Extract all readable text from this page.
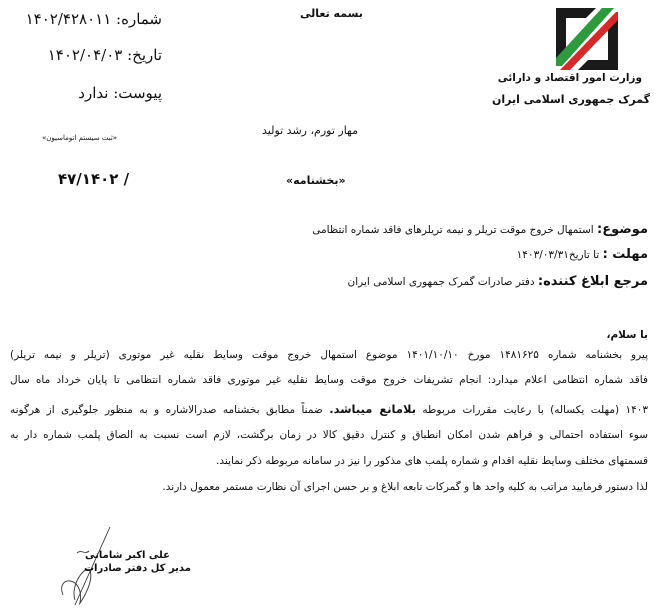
وزارت امور اقتصاد و دارائی
گمرک جمهوری اسلامی ایران
بسمه تعالی
مهار تورم، رشد تولید
«بخشنامه»
شماره: ۱۴۰۲/۴۲۸۰۱۱
تاریخ: ۱۴۰۲/۰۴/۰۳
پیوست: ندارد
«ثبت سیستم اتوماسیون»
۴۷/۱۴۰۲ /
موضوع: استمهال خروج موقت تریلر و نیمه تریلرهای فاقد شماره انتظامی
مهلت : تا تاریخ۱۴۰۳/۰۳/۳۱
مرجع ابلاغ کننده: دفتر صادرات گمرک جمهوری اسلامی ایران
با سلام،
پیرو بخشنامه شماره ۱۴۸۱۶۲۵ مورخ ۱۴۰۱/۱۰/۱۰ موضوع استمهال خروج موقت وسایط نقلیه غیر موتوری (تریلر و نیمه تریلر)
فاقد شماره انتظامی اعلام میدارد: انجام تشریفات خروج موقت وسایط نقلیه غیر موتوری فاقد شماره انتظامی تا پایان خرداد ماه سال
۱۴۰۳ (مهلت یکساله) با رعایت مقررات مربوطه بلامانع میباشد. ضمناً مطابق بخشنامه صدرالاشاره و به منظور جلوگیری از هرگونه
سوء استفاده احتمالی و فراهم شدن امکان انطباق و کنترل دقیق کالا در زمان برگشت، لازم است نسبت به الصاق پلمب شماره دار به
قسمتهای مختلف وسایط نقلیه اقدام و شماره پلمب های مذکور را نیز در سامانه مربوطه ذکر نمایند.
لذا دستور فرمایید مراتب به کلیه واحد ها و گمرکات تابعه ابلاغ و بر حسن اجرای آن نظارت مستمر معمول دارند.
علی اکبر شامانی
مدیر کل دفتر صادرات
